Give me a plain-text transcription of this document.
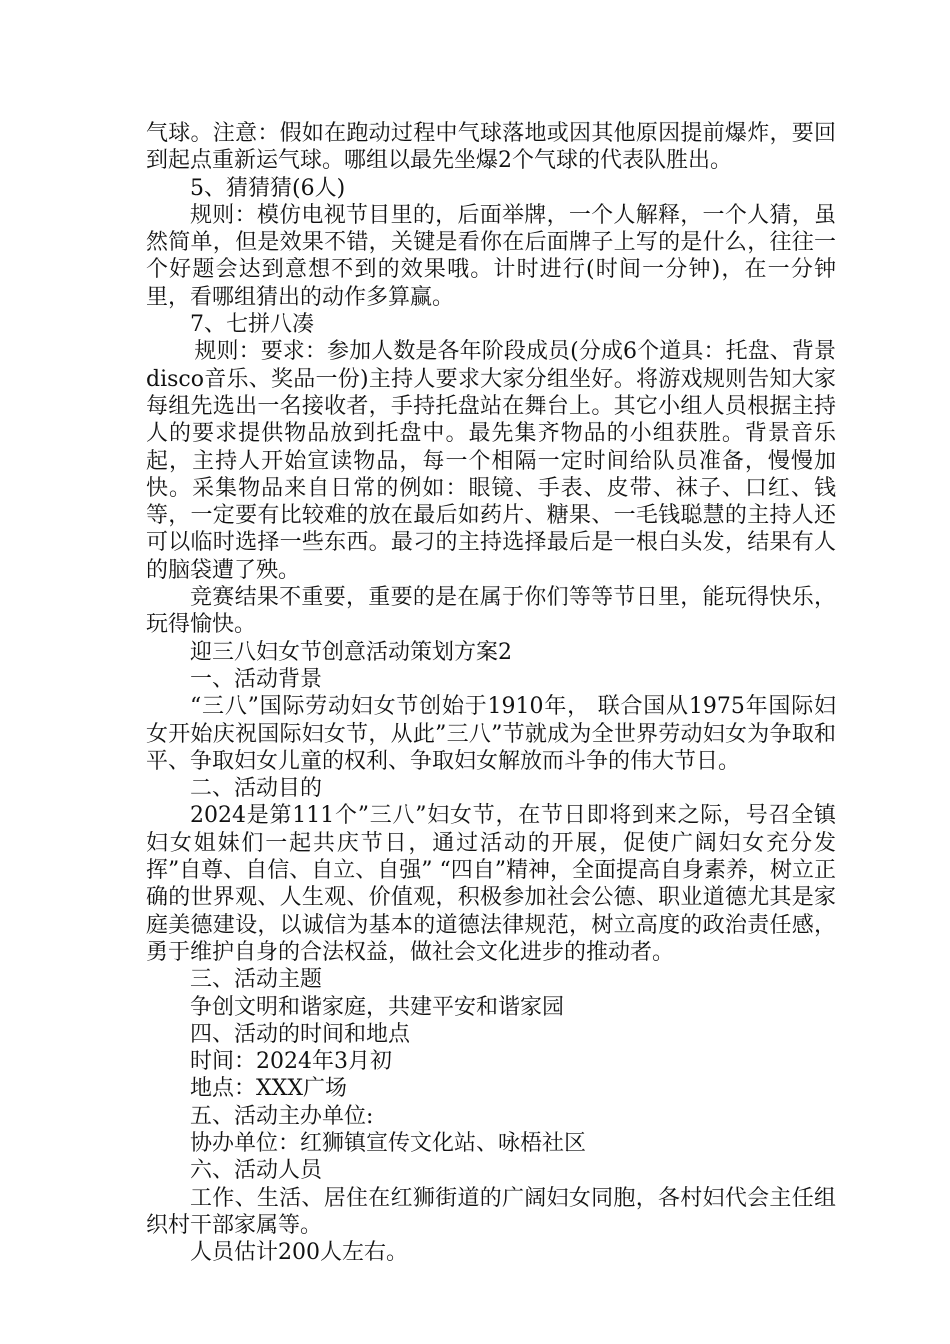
气球。注意：假如在跑动过程中气球落地或因其他原因提前爆炸，要回到起点重新运气球。哪组以最先坐爆2个气球的代表队胜出。

5、猜猜猜(6人)

规则：模仿电视节目里的，后面举牌，一个人解释，一个人猜，虽然简单，但是效果不错，关键是看你在后面牌子上写的是什么，往往一个好题会达到意想不到的效果哦。计时进行(时间一分钟)，在一分钟里，看哪组猜出的动作多算赢。

7、七拼八凑

规则：要求：参加人数是各年阶段成员(分成6个道具：托盘、背景disco音乐、奖品一份)主持人要求大家分组坐好。将游戏规则告知大家每组先选出一名接收者，手持托盘站在舞台上。其它小组人员根据主持人的要求提供物品放到托盘中。最先集齐物品的小组获胜。背景音乐起，主持人开始宣读物品，每一个相隔一定时间给队员准备，慢慢加快。采集物品来自日常的例如：眼镜、手表、皮带、袜子、口红、钱等，一定要有比较难的放在最后如药片、糖果、一毛钱聪慧的主持人还可以临时选择一些东西。最刁的主持选择最后是一根白头发，结果有人的脑袋遭了殃。

竞赛结果不重要，重要的是在属于你们等等节日里，能玩得快乐，玩得愉快。

迎三八妇女节创意活动策划方案2

一、活动背景

“三八”国际劳动妇女节创始于1910年， 联合国从1975年国际妇女开始庆祝国际妇女节，从此”三八”节就成为全世界劳动妇女为争取和平、争取妇女儿童的权利、争取妇女解放而斗争的伟大节日。

二、活动目的

2024是第111个”三八”妇女节，在节日即将到来之际，号召全镇妇女姐妹们一起共庆节日，通过活动的开展，促使广阔妇女充分发挥”自尊、自信、自立、自强” “四自”精神，全面提高自身素养，树立正确的世界观、人生观、价值观，积极参加社会公德、职业道德尤其是家庭美德建设，以诚信为基本的道德法律规范，树立高度的政治责任感，勇于维护自身的合法权益，做社会文化进步的推动者。

三、活动主题

争创文明和谐家庭，共建平安和谐家园

四、活动的时间和地点

时间：2024年3月初

地点：XXX广场

五、活动主办单位:

协办单位：红狮镇宣传文化站、咏梧社区

六、活动人员

工作、生活、居住在红狮街道的广阔妇女同胞，各村妇代会主任组织村干部家属等。

人员估计200人左右。
